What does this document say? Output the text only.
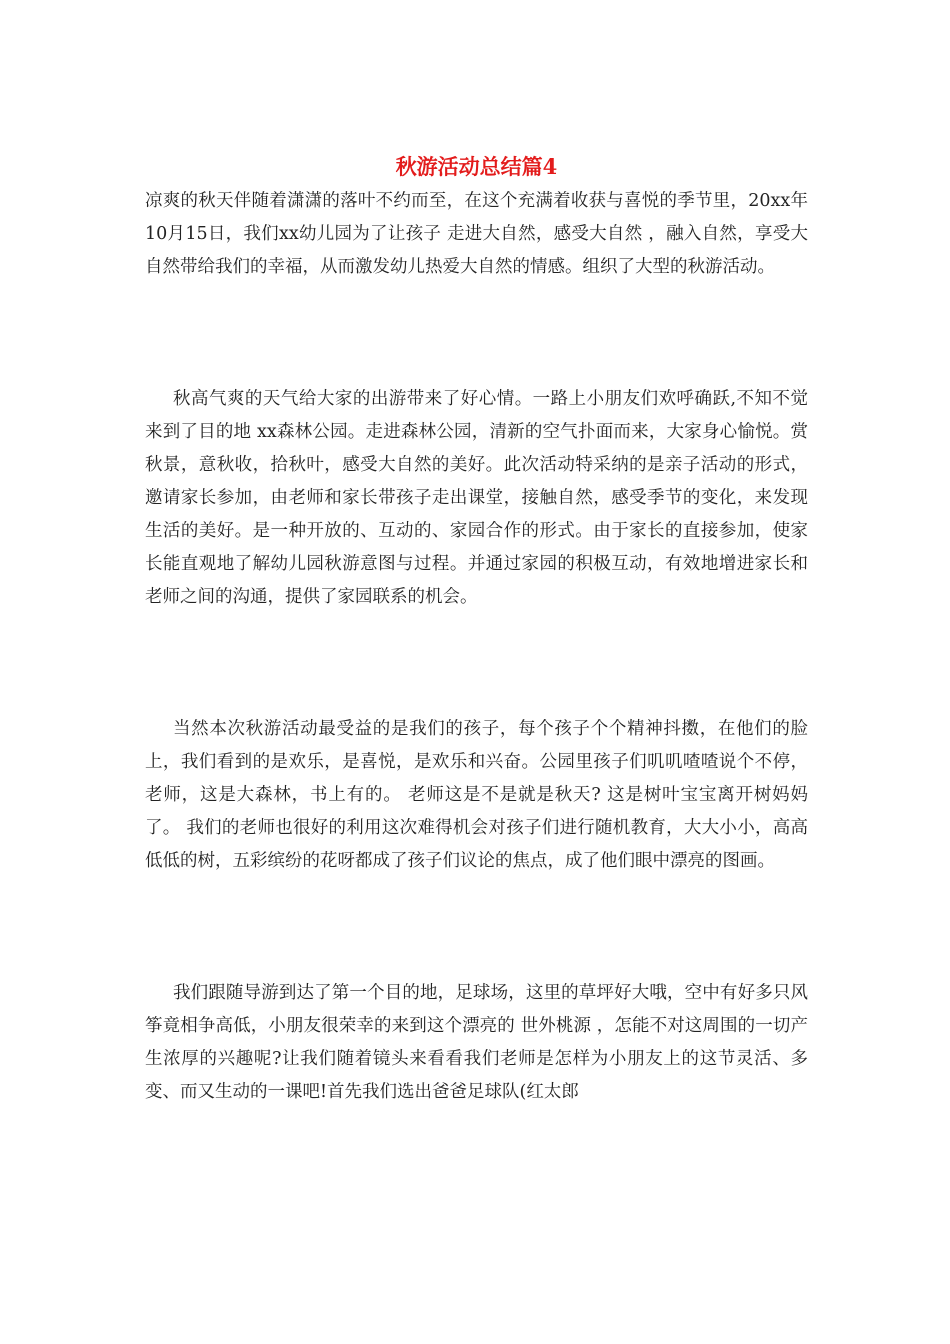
秋游活动总结篇4

凉爽的秋天伴随着潇潇的落叶不约而至，在这个充满着收获与喜悦的季节里，20xx年10月15日，我们xx幼儿园为了让孩子 走进大自然，感受大自然 ，融入自然，享受大自然带给我们的幸福，从而激发幼儿热爱大自然的情感。组织了大型的秋游活动。

秋高气爽的天气给大家的出游带来了好心情。一路上小朋友们欢呼确跃,不知不觉来到了目的地 xx森林公园。走进森林公园，清新的空气扑面而来，大家身心愉悦。赏秋景，意秋收，拾秋叶，感受大自然的美好。此次活动特采纳的是亲子活动的形式，邀请家长参加，由老师和家长带孩子走出课堂，接触自然，感受季节的变化，来发现生活的美好。是一种开放的、互动的、家园合作的形式。由于家长的直接参加，使家长能直观地了解幼儿园秋游意图与过程。并通过家园的积极互动，有效地增进家长和老师之间的沟通，提供了家园联系的机会。

当然本次秋游活动最受益的是我们的孩子，每个孩子个个精神抖擞，在他们的脸上，我们看到的是欢乐，是喜悦，是欢乐和兴奋。公园里孩子们叽叽喳喳说个不停， 老师，这是大森林，书上有的。 老师这是不是就是秋天? 这是树叶宝宝离开树妈妈了。 我们的老师也很好的利用这次难得机会对孩子们进行随机教育，大大小小，高高低低的树，五彩缤纷的花呀都成了孩子们议论的焦点，成了他们眼中漂亮的图画。

我们跟随导游到达了第一个目的地，足球场，这里的草坪好大哦，空中有好多只风筝竟相争高低，小朋友很荣幸的来到这个漂亮的 世外桃源 ，怎能不对这周围的一切产生浓厚的兴趣呢?让我们随着镜头来看看我们老师是怎样为小朋友上的这节灵活、多变、而又生动的一课吧!首先我们选出爸爸足球队(红太郎
